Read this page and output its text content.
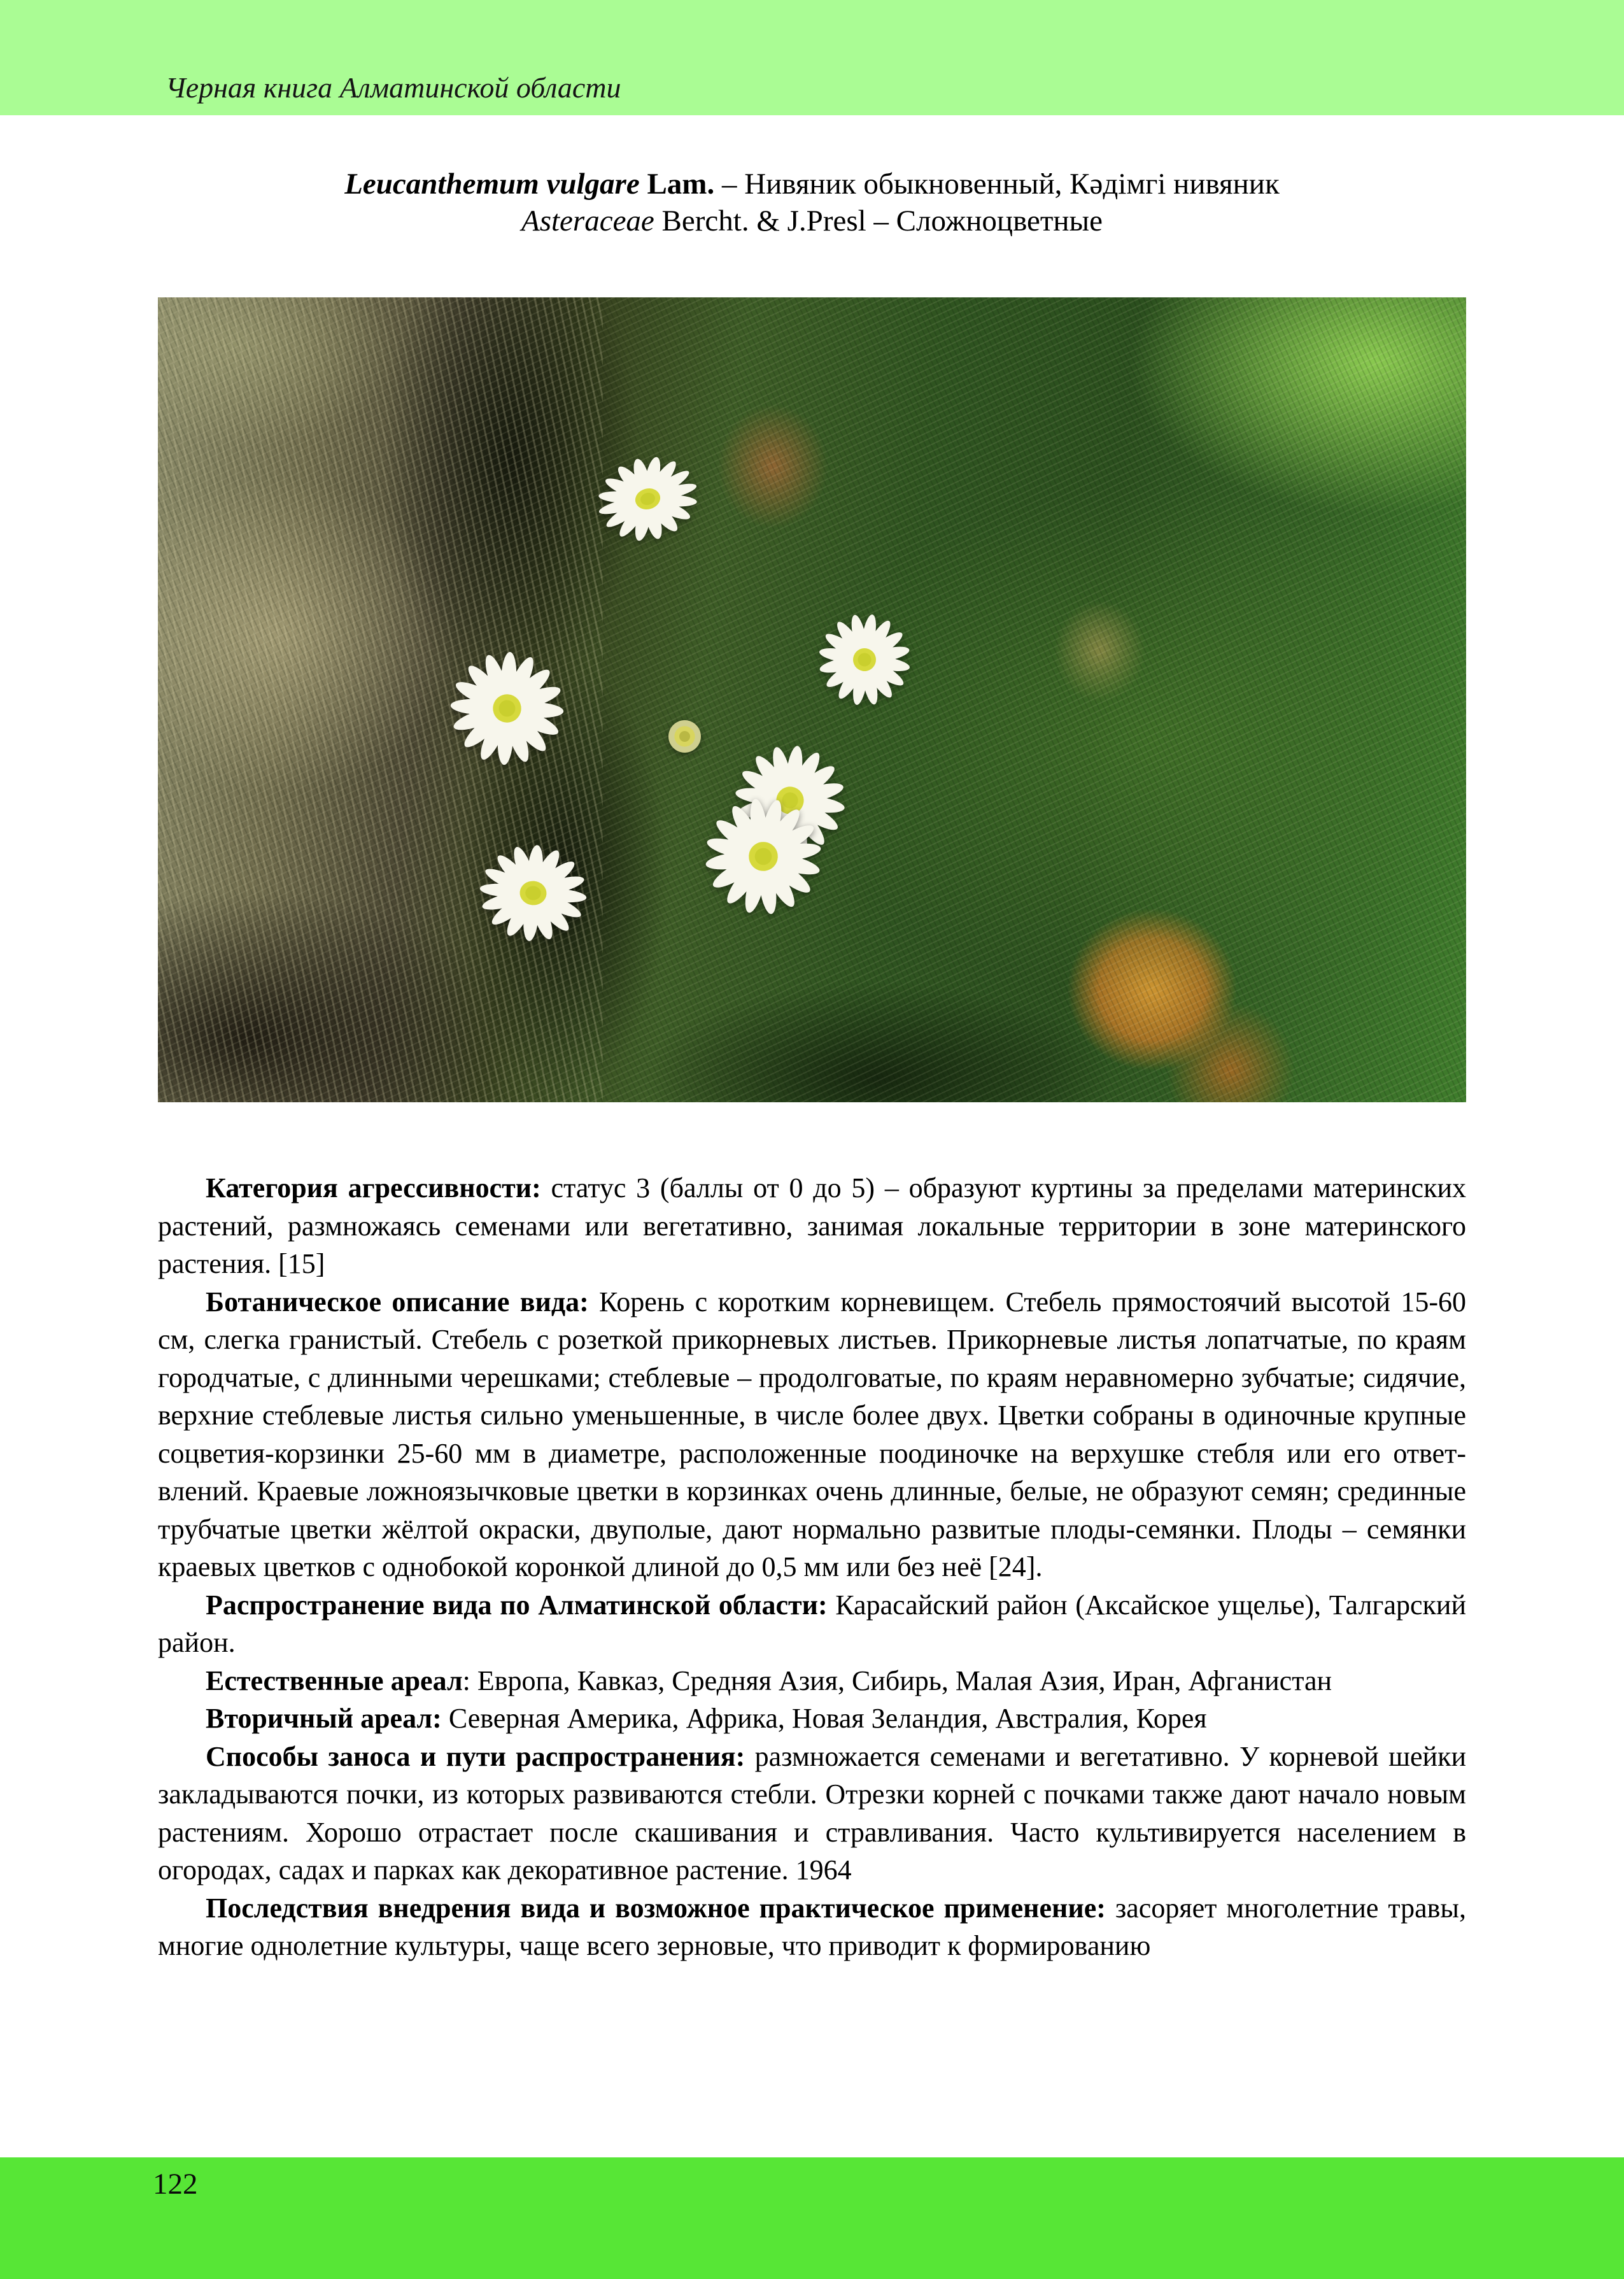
Черная книга Алматинской области
Leucanthemum vulgare Lam. – Нивяник обыкновенный, Кәдімгі нивяник
Asteraceae Bercht. & J.Presl – Сложноцветные

Категория агрессивности: статус 3 (баллы от 0 до 5) – образуют куртины за пределами материнских растений, размножаясь семенами или вегетативно, занимая локальные территории в зоне материнского растения. [15]

Ботаническое описание вида: Корень с коротким корневищем. Стебель прямостоячий высотой 15-60 см, слегка гранистый. Стебель с розеткой прикорневых листьев. Прикорневые листья лопатчатые, по краям городчатые, с длинными черешками; стеблевые – продолговатые, по краям неравномерно зубчатые; сидячие, верхние стеблевые листья сильно уменьшенные, в числе более двух. Цветки собраны в одиночные крупные соцветия-корзинки 25-60 мм в диаметре, расположенные поодиночке на верхушке стебля или его ответвлений. Краевые ложноязычковые цветки в корзинках очень длинные, белые, не образуют семян; срединные трубчатые цветки жёлтой окраски, двуполые, дают нормально развитые плоды-семянки. Плоды – семянки краевых цветков с однобокой коронкой длиной до 0,5 мм или без неё [24].

Распространение вида по Алматинской области: Карасайский район (Аксайское ущелье), Талгарский район.

Естественные ареал: Европа, Кавказ, Средняя Азия, Сибирь, Малая Азия, Иран, Афганистан

Вторичный ареал: Северная Америка, Африка, Новая Зеландия, Австралия, Корея

Способы заноса и пути распространения: размножается семенами и вегетативно. У корневой шейки закладываются почки, из которых развиваются стебли. Отрезки корней с почками также дают начало новым растениям. Хорошо отрастает после скашивания и стравливания. Часто культивируется населением в огородах, садах и парках как декоративное растение. 1964

Последствия внедрения вида и возможное практическое применение: засоряет многолетние травы, многие однолетние культуры, чаще всего зерновые, что приводит к формированию

122
